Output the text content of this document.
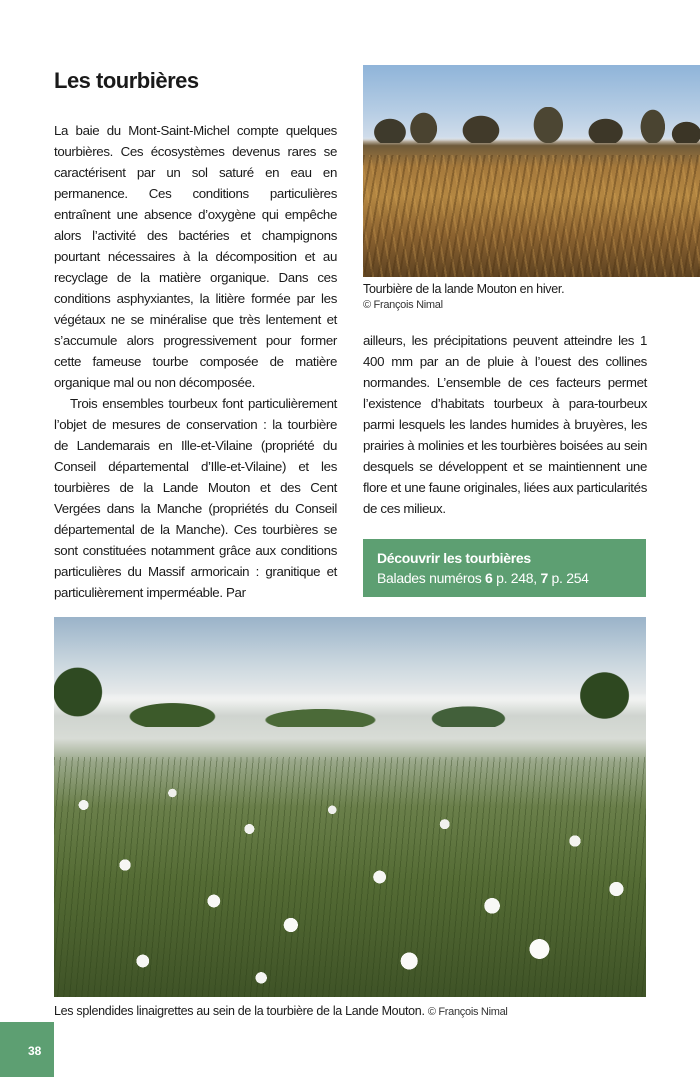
Les tourbières

La baie du Mont-Saint-Michel compte quelques tourbières. Ces écosystèmes devenus rares se caractérisent par un sol saturé en eau en permanence. Ces conditions particulières entraînent une absence d’oxygène qui empêche alors l’activité des bactéries et champignons pourtant nécessaires à la décomposition et au recyclage de la matière organique. Dans ces conditions asphyxiantes, la litière formée par les végétaux ne se minéralise que très lentement et s’accumule alors progressivement pour former cette fameuse tourbe composée de matière organique mal ou non décomposée.

Trois ensembles tourbeux font particulièrement l’objet de mesures de conservation : la tourbière de Landemarais en Ille-et-Vilaine (propriété du Conseil départemental d’Ille-et-Vilaine) et les tourbières de la Lande Mouton et des Cent Vergées dans la Manche (propriétés du Conseil départemental de la Manche). Ces tourbières se sont constituées notamment grâce aux conditions particulières du Massif armoricain : granitique et particulièrement imperméable. Par

Tourbière de la lande Mouton en hiver.
© François Nimal

ailleurs, les précipitations peuvent atteindre les 1 400 mm par an de pluie à l’ouest des collines normandes. L’ensemble de ces facteurs permet l’existence d’habitats tourbeux à para-tourbeux parmi lesquels les landes humides à bruyères, les prairies à molinies et les tourbières boisées au sein desquels se développent et se maintiennent une flore et une faune originales, liées aux particularités de ces milieux.

Découvrir les tourbières
Balades numéros 6 p. 248, 7 p. 254
Les splendides linaigrettes au sein de la tourbière de la Lande Mouton. © François Nimal
38
